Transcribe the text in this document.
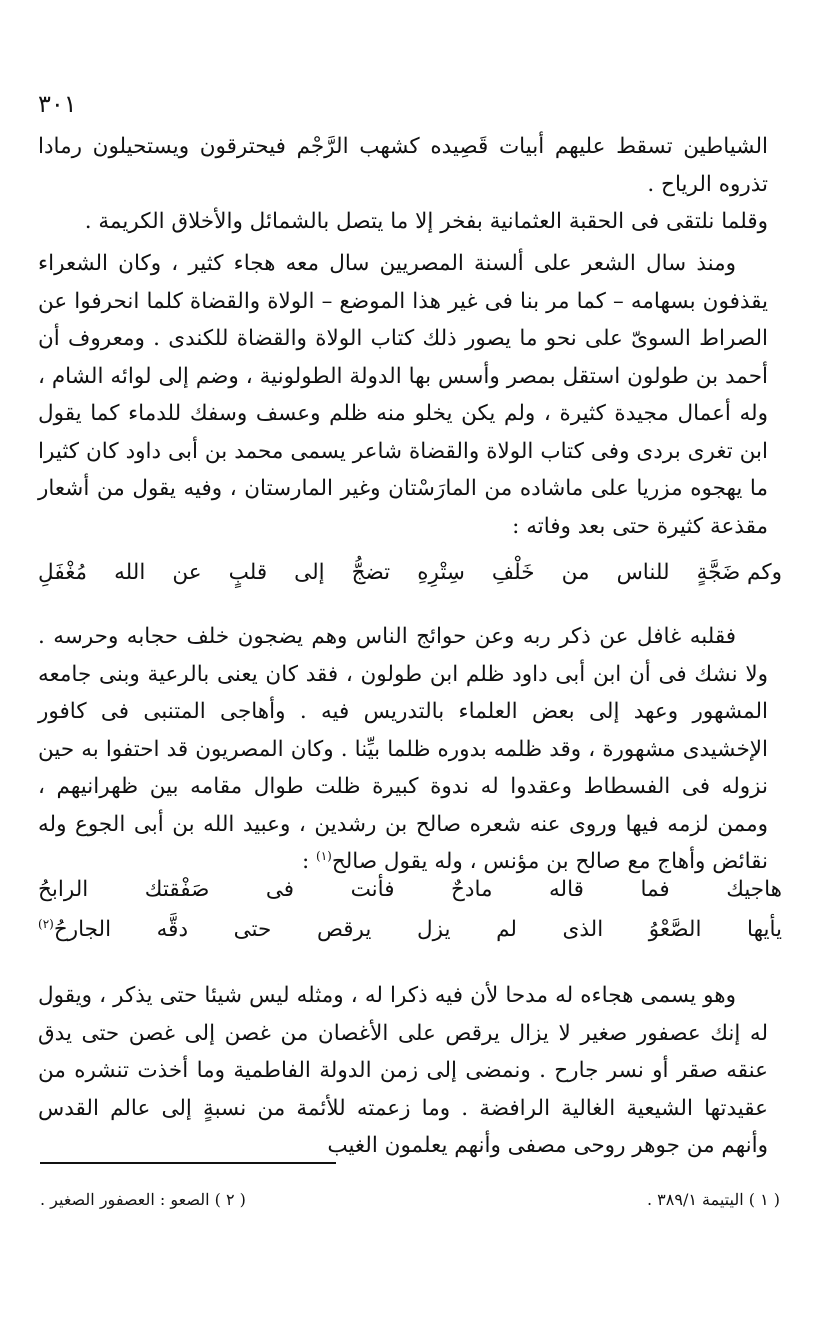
٣٠١

الشياطين تسقط عليهم أبيات قَصِيده كشهب الرَّجْم فيحترقون ويستحيلون رمادا تذروه الرياح .

وقلما نلتقى فى الحقبة العثمانية بفخر إلا ما يتصل بالشمائل والأخلاق الكريمة .

ومنذ سال الشعر على ألسنة المصريين سال معه هجاء كثير ، وكان الشعراء يقذفون بسهامه – كما مر بنا فى غير هذا الموضع – الولاة والقضاة كلما انحرفوا عن الصراط السوىّ على نحو ما يصور ذلك كتاب الولاة والقضاة للكندى . ومعروف أن أحمد بن طولون استقل بمصر وأسس بها الدولة الطولونية ، وضم إلى لوائه الشام ، وله أعمال مجيدة كثيرة ، ولم يكن يخلو منه ظلم وعسف وسفك للدماء كما يقول ابن تغرى بردى وفى كتاب الولاة والقضاة شاعر يسمى محمد بن أبى داود كان كثيرا ما يهجوه مزريا على ماشاده من المارَسْتان وغير المارستان ، وفيه يقول من أشعار مقذعة كثيرة حتى بعد وفاته :

وكم ضَجَّةٍ
للناس
من
خَلْفِ
سِتْرِهِ
تضجُّ
إلى
قلبٍ
عن
الله
مُغْفَلِ

فقلبه غافل عن ذكر ربه وعن حوائج الناس وهم يضجون خلف حجابه وحرسه . ولا نشك فى أن ابن أبى داود ظلم ابن طولون ، فقد كان يعنى بالرعية وبنى جامعه المشهور وعهد إلى بعض العلماء بالتدريس فيه . وأهاجى المتنبى فى كافور الإخشيدى مشهورة ، وقد ظلمه بدوره ظلما بيِّنا . وكان المصريون قد احتفوا به حين نزوله فى الفسطاط وعقدوا له ندوة كبيرة ظلت طوال مقامه بين ظهرانيهم ، وممن لزمه فيها وروى عنه شعره صالح بن رشدين ، وعبيد الله بن أبى الجوع وله نقائض وأهاج مع صالح بن مؤنس ، وله يقول صالح$^{(١)}$ :

هاجيك
فما
قاله
مادحٌ
فأنت
فى
صَفْقتك
الرابحُ
يأيها
الصَّعْوُ
الذى
لم
يزل
يرقص
حتى
دقَّه
الجارحُ$^{(٢)}$

وهو يسمى هجاءه له مدحا لأن فيه ذكرا له ، ومثله ليس شيئا حتى يذكر ، ويقول له إنك عصفور صغير لا يزال يرقص على الأغصان من غصن إلى غصن حتى يدق عنقه صقر أو نسر جارح . ونمضى إلى زمن الدولة الفاطمية وما أخذت تنشره من عقيدتها الشيعية الغالية الرافضة . وما زعمته للأئمة من نسبةٍ إلى عالم القدس وأنهم من جوهر روحى مصفى وأنهم يعلمون الغيب

( ١ ) اليتيمة ٣٨٩/١ .
( ٢ ) الصعو : العصفور الصغير .
